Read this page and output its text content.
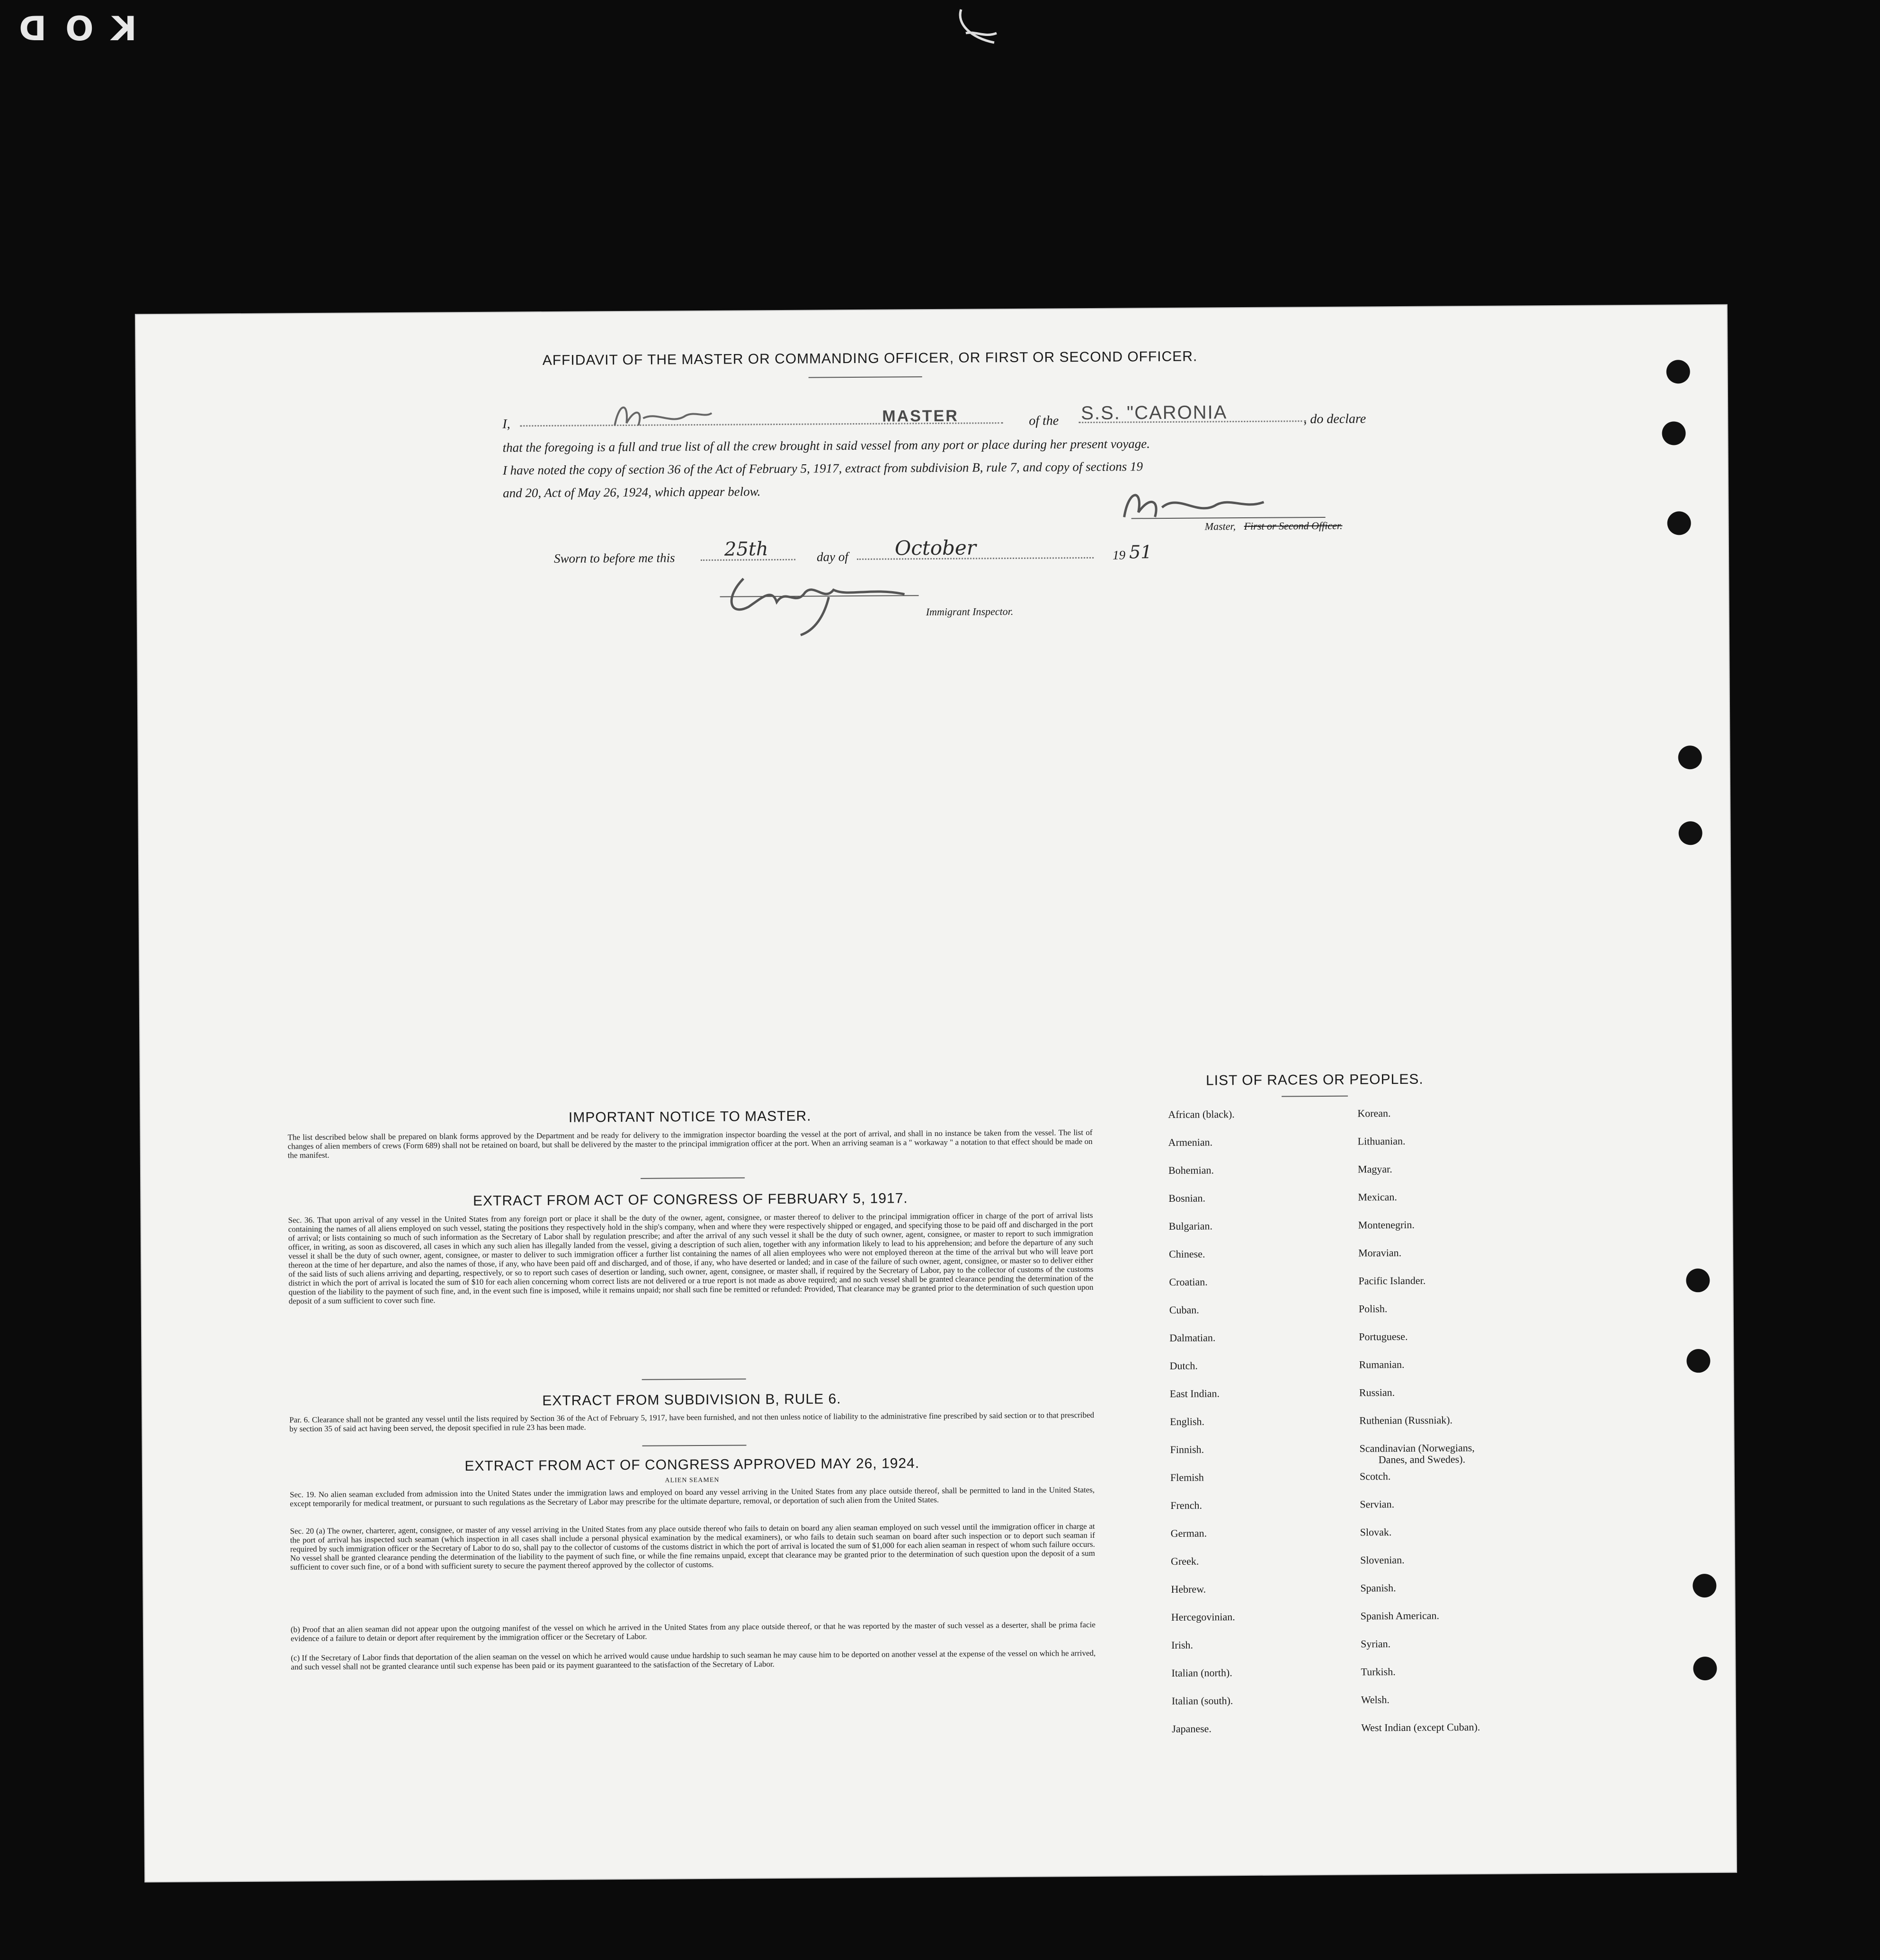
KOD
AFFIDAVIT OF THE MASTER OR COMMANDING OFFICER, OR FIRST OR SECOND OFFICER.
I,	MASTER	of the S.S. "CARONIA	, do declare
that the foregoing is a full and true list of all the crew brought in said vessel from any port or place during her present voyage.
I have noted the copy of section 36 of the Act of February 5, 1917, extract from subdivision B, rule 7, and copy of sections 19
and 20, Act of May 26, 1924, which appear below.
Master, First or Second Officer.
Sworn to before me this	25th	day of October	19 51
Immigrant Inspector.
IMPORTANT NOTICE TO MASTER.
The list described below shall be prepared on blank forms approved by the Department and be ready for delivery to the immigration inspector boarding the vessel at the port of arrival, and shall in no instance be taken from the vessel. The list of changes of alien members of crews (Form 689) shall not be retained on board, but shall be delivered by the master to the principal immigration officer at the port. When an arriving seaman is a " workaway " a notation to that effect should be made on the manifest.
EXTRACT FROM ACT OF CONGRESS OF FEBRUARY 5, 1917.
Sec. 36. That upon arrival of any vessel in the United States from any foreign port or place it shall be the duty of the owner, agent, consignee, or master thereof to deliver to the principal immigration officer in charge of the port of arrival lists containing the names of all aliens employed on such vessel, stating the positions they respectively hold in the ship's company, when and where they were respectively shipped or engaged, and specifying those to be paid off and discharged in the port of arrival; or lists containing so much of such information as the Secretary of Labor shall by regulation prescribe; and after the arrival of any such vessel it shall be the duty of such owner, agent, consignee, or master to report to such immigration officer, in writing, as soon as discovered, all cases in which any such alien has illegally landed from the vessel, giving a description of such alien, together with any information likely to lead to his apprehension; and before the departure of any such vessel it shall be the duty of such owner, agent, consignee, or master to deliver to such immigration officer a further list containing the names of all alien employees who were not employed thereon at the time of the arrival but who will leave port thereon at the time of her departure, and also the names of those, if any, who have been paid off and discharged, and of those, if any, who have deserted or landed; and in case of the failure of such owner, agent, consignee, or master so to deliver either of the said lists of such aliens arriving and departing, respectively, or so to report such cases of desertion or landing, such owner, agent, consignee, or master shall, if required by the Secretary of Labor, pay to the collector of customs of the customs district in which the port of arrival is located the sum of $10 for each alien concerning whom correct lists are not delivered or a true report is not made as above required; and no such vessel shall be granted clearance pending the determination of the question of the liability to the payment of such fine, and, in the event such fine is imposed, while it remains unpaid; nor shall such fine be remitted or refunded: Provided, That clearance may be granted prior to the determination of such question upon deposit of a sum sufficient to cover such fine.
EXTRACT FROM SUBDIVISION B, RULE 6.
Par. 6. Clearance shall not be granted any vessel until the lists required by Section 36 of the Act of February 5, 1917, have been furnished, and not then unless notice of liability to the administrative fine prescribed by said section or to that prescribed by section 35 of said act having been served, the deposit specified in rule 23 has been made.
EXTRACT FROM ACT OF CONGRESS APPROVED MAY 26, 1924.
ALIEN SEAMEN
Sec. 19. No alien seaman excluded from admission into the United States under the immigration laws and employed on board any vessel arriving in the United States from any place outside thereof, shall be permitted to land in the United States, except temporarily for medical treatment, or pursuant to such regulations as the Secretary of Labor may prescribe for the ultimate departure, removal, or deportation of such alien from the United States.
Sec. 20 (a) The owner, charterer, agent, consignee, or master of any vessel arriving in the United States from any place outside thereof who fails to detain on board any alien seaman employed on such vessel until the immigration officer in charge at the port of arrival has inspected such seaman (which inspection in all cases shall include a personal physical examination by the medical examiners), or who fails to detain such seaman on board after such inspection or to deport such seaman if required by such immigration officer or the Secretary of Labor to do so, shall pay to the collector of customs of the customs district in which the port of arrival is located the sum of $1,000 for each alien seaman in respect of whom such failure occurs. No vessel shall be granted clearance pending the determination of the liability to the payment of such fine, or while the fine remains unpaid, except that clearance may be granted prior to the determination of such question upon the deposit of a sum sufficient to cover such fine, or of a bond with sufficient surety to secure the payment thereof approved by the collector of customs.
(b) Proof that an alien seaman did not appear upon the outgoing manifest of the vessel on which he arrived in the United States from any place outside thereof, or that he was reported by the master of such vessel as a deserter, shall be prima facie evidence of a failure to detain or deport after requirement by the immigration officer or the Secretary of Labor.
(c) If the Secretary of Labor finds that deportation of the alien seaman on the vessel on which he arrived would cause undue hardship to such seaman he may cause him to be deported on another vessel at the expense of the vessel on which he arrived, and such vessel shall not be granted clearance until such expense has been paid or its payment guaranteed to the satisfaction of the Secretary of Labor.
LIST OF RACES OR PEOPLES.
African (black).
Armenian.
Bohemian.
Bosnian.
Bulgarian.
Chinese.
Croatian.
Cuban.
Dalmatian.
Dutch.
East Indian.
English.
Finnish.
Flemish
French.
German.
Greek.
Hebrew.
Hercegovinian.
Irish.
Italian (north).
Italian (south).
Japanese.
Korean.
Lithuanian.
Magyar.
Mexican.
Montenegrin.
Moravian.
Pacific Islander.
Polish.
Portuguese.
Rumanian.
Russian.
Ruthenian (Russniak).
Scandinavian (Norwegians,
Danes, and Swedes).
Scotch.
Servian.
Slovak.
Slovenian.
Spanish.
Spanish American.
Syrian.
Turkish.
Welsh.
West Indian (except Cuban).
